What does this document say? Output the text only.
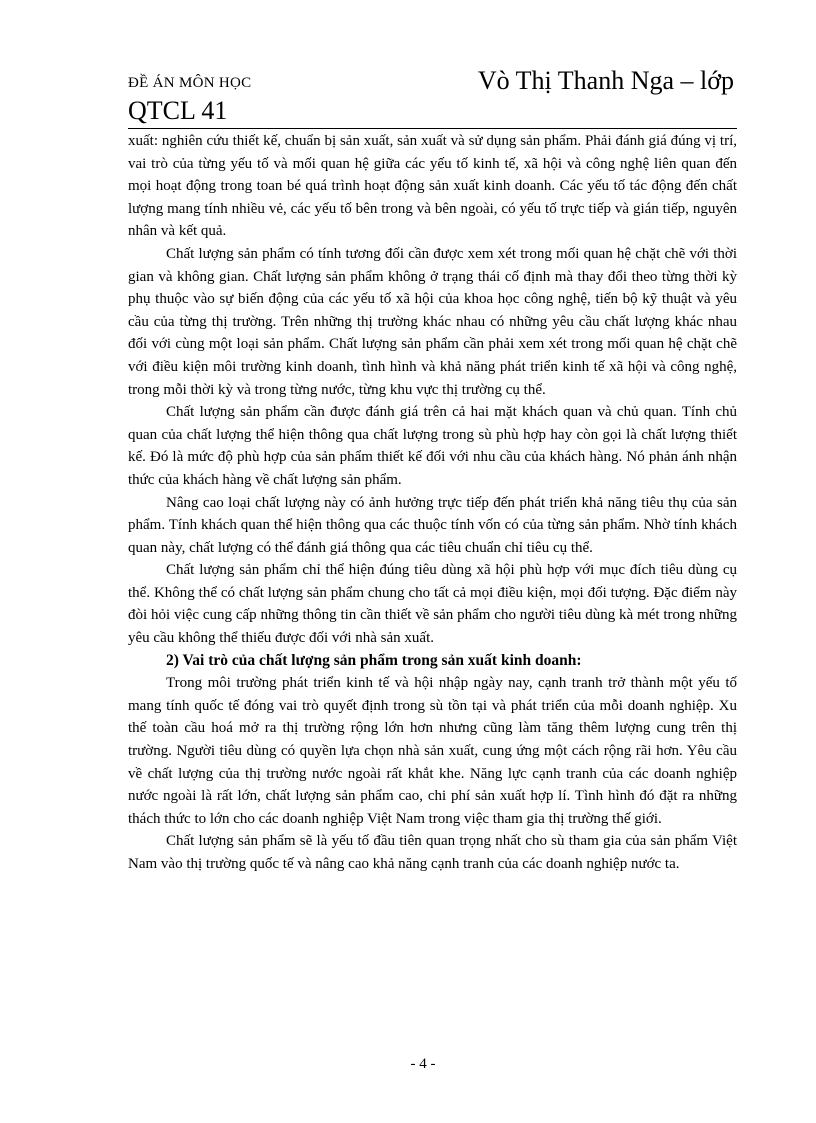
ĐỀ ÁN MÔN HỌC	Vò Thị Thanh Nga – lớp
QTCL 41

xuất: nghiên cứu thiết kế, chuẩn bị sản xuất, sản xuất và sử dụng sản phẩm. Phải đánh giá đúng vị trí, vai trò của từng yếu tố và mối quan hệ giữa các yếu tố kinh tế, xã hội và công nghệ liên quan đến mọi hoạt động trong toan bé quá trình hoạt động sản xuất kinh doanh. Các yếu tố tác động đến chất lượng mang tính nhiều vẻ, các yếu tố bên trong và bên ngoài, có yếu tố trực tiếp và gián tiếp, nguyên nhân và kết quả.

Chất lượng sản phẩm có tính tương đối cần được xem xét trong mối quan hệ chặt chẽ với thời gian và không gian. Chất lượng sản phẩm không ở trạng thái cố định mà thay đổi theo từng thời kỳ phụ thuộc vào sự biến động của các yếu tố xã hội của khoa học công nghệ, tiến bộ kỹ thuật và yêu cầu của từng thị trường. Trên những thị trường khác nhau có những yêu cầu chất lượng khác nhau đối với cùng một loại sản phẩm. Chất lượng sản phẩm cần phải xem xét trong mối quan hệ chặt chẽ với điều kiện môi trường kinh doanh, tình hình và khả năng phát triển kinh tế xã hội và công nghệ, trong mỗi thời kỳ và trong từng nước, từng khu vực thị trường cụ thể.

Chất lượng sản phẩm cần được đánh giá trên cả hai mặt khách quan và chủ quan. Tính chủ quan của chất lượng thể hiện thông qua chất lượng trong sù phù hợp hay còn gọi là chất lượng thiết kế. Đó là mức độ phù hợp của sản phẩm thiết kế đối với nhu cầu của khách hàng. Nó phản ánh nhận thức của khách hàng về chất lượng sản phẩm.

Nâng cao loại chất lượng này có ảnh hưởng trực tiếp đến phát triển khả năng tiêu thụ của sản phẩm. Tính khách quan thể hiện thông qua các thuộc tính vốn có của từng sản phẩm. Nhờ tính khách quan này, chất lượng có thể đánh giá thông qua các tiêu chuẩn chỉ tiêu cụ thể.

Chất lượng sản phẩm chỉ thể hiện đúng tiêu dùng xã hội phù hợp với mục đích tiêu dùng cụ thể. Không thể có chất lượng sản phẩm chung cho tất cả mọi điều kiện, mọi đối tượng. Đặc điểm này đòi hỏi việc cung cấp những thông tin cần thiết về sản phẩm cho người tiêu dùng kà mét trong những yêu cầu không thể thiếu được đối với nhà sản xuất.

2) Vai trò của chất lượng sản phẩm trong sản xuất kinh doanh:

Trong môi trường phát triển kinh tế và hội nhập ngày nay, cạnh tranh trở thành một yếu tố mang tính quốc tế đóng vai trò quyết định trong sù tồn tại và phát triển của mỗi doanh nghiệp. Xu thế toàn cầu hoá mở ra thị trường rộng lớn hơn nhưng cũng làm tăng thêm lượng cung trên thị trường. Người tiêu dùng có quyền lựa chọn nhà sản xuất, cung ứng một cách rộng rãi hơn. Yêu cầu về chất lượng của thị trường nước ngoài rất khắt khe. Năng lực cạnh tranh của các doanh nghiệp nước ngoài là rất lớn, chất lượng sản phẩm cao, chi phí sản xuất hợp lí. Tình hình đó đặt ra những thách thức to lớn cho các doanh nghiệp Việt Nam trong việc tham gia thị trường thế giới.

Chất lượng sản phẩm sẽ là yếu tố đầu tiên quan trọng nhất cho sù tham gia của sản phẩm Việt Nam vào thị trường quốc tế và nâng cao khả năng cạnh tranh của các doanh nghiệp nước ta.

- 4 -
